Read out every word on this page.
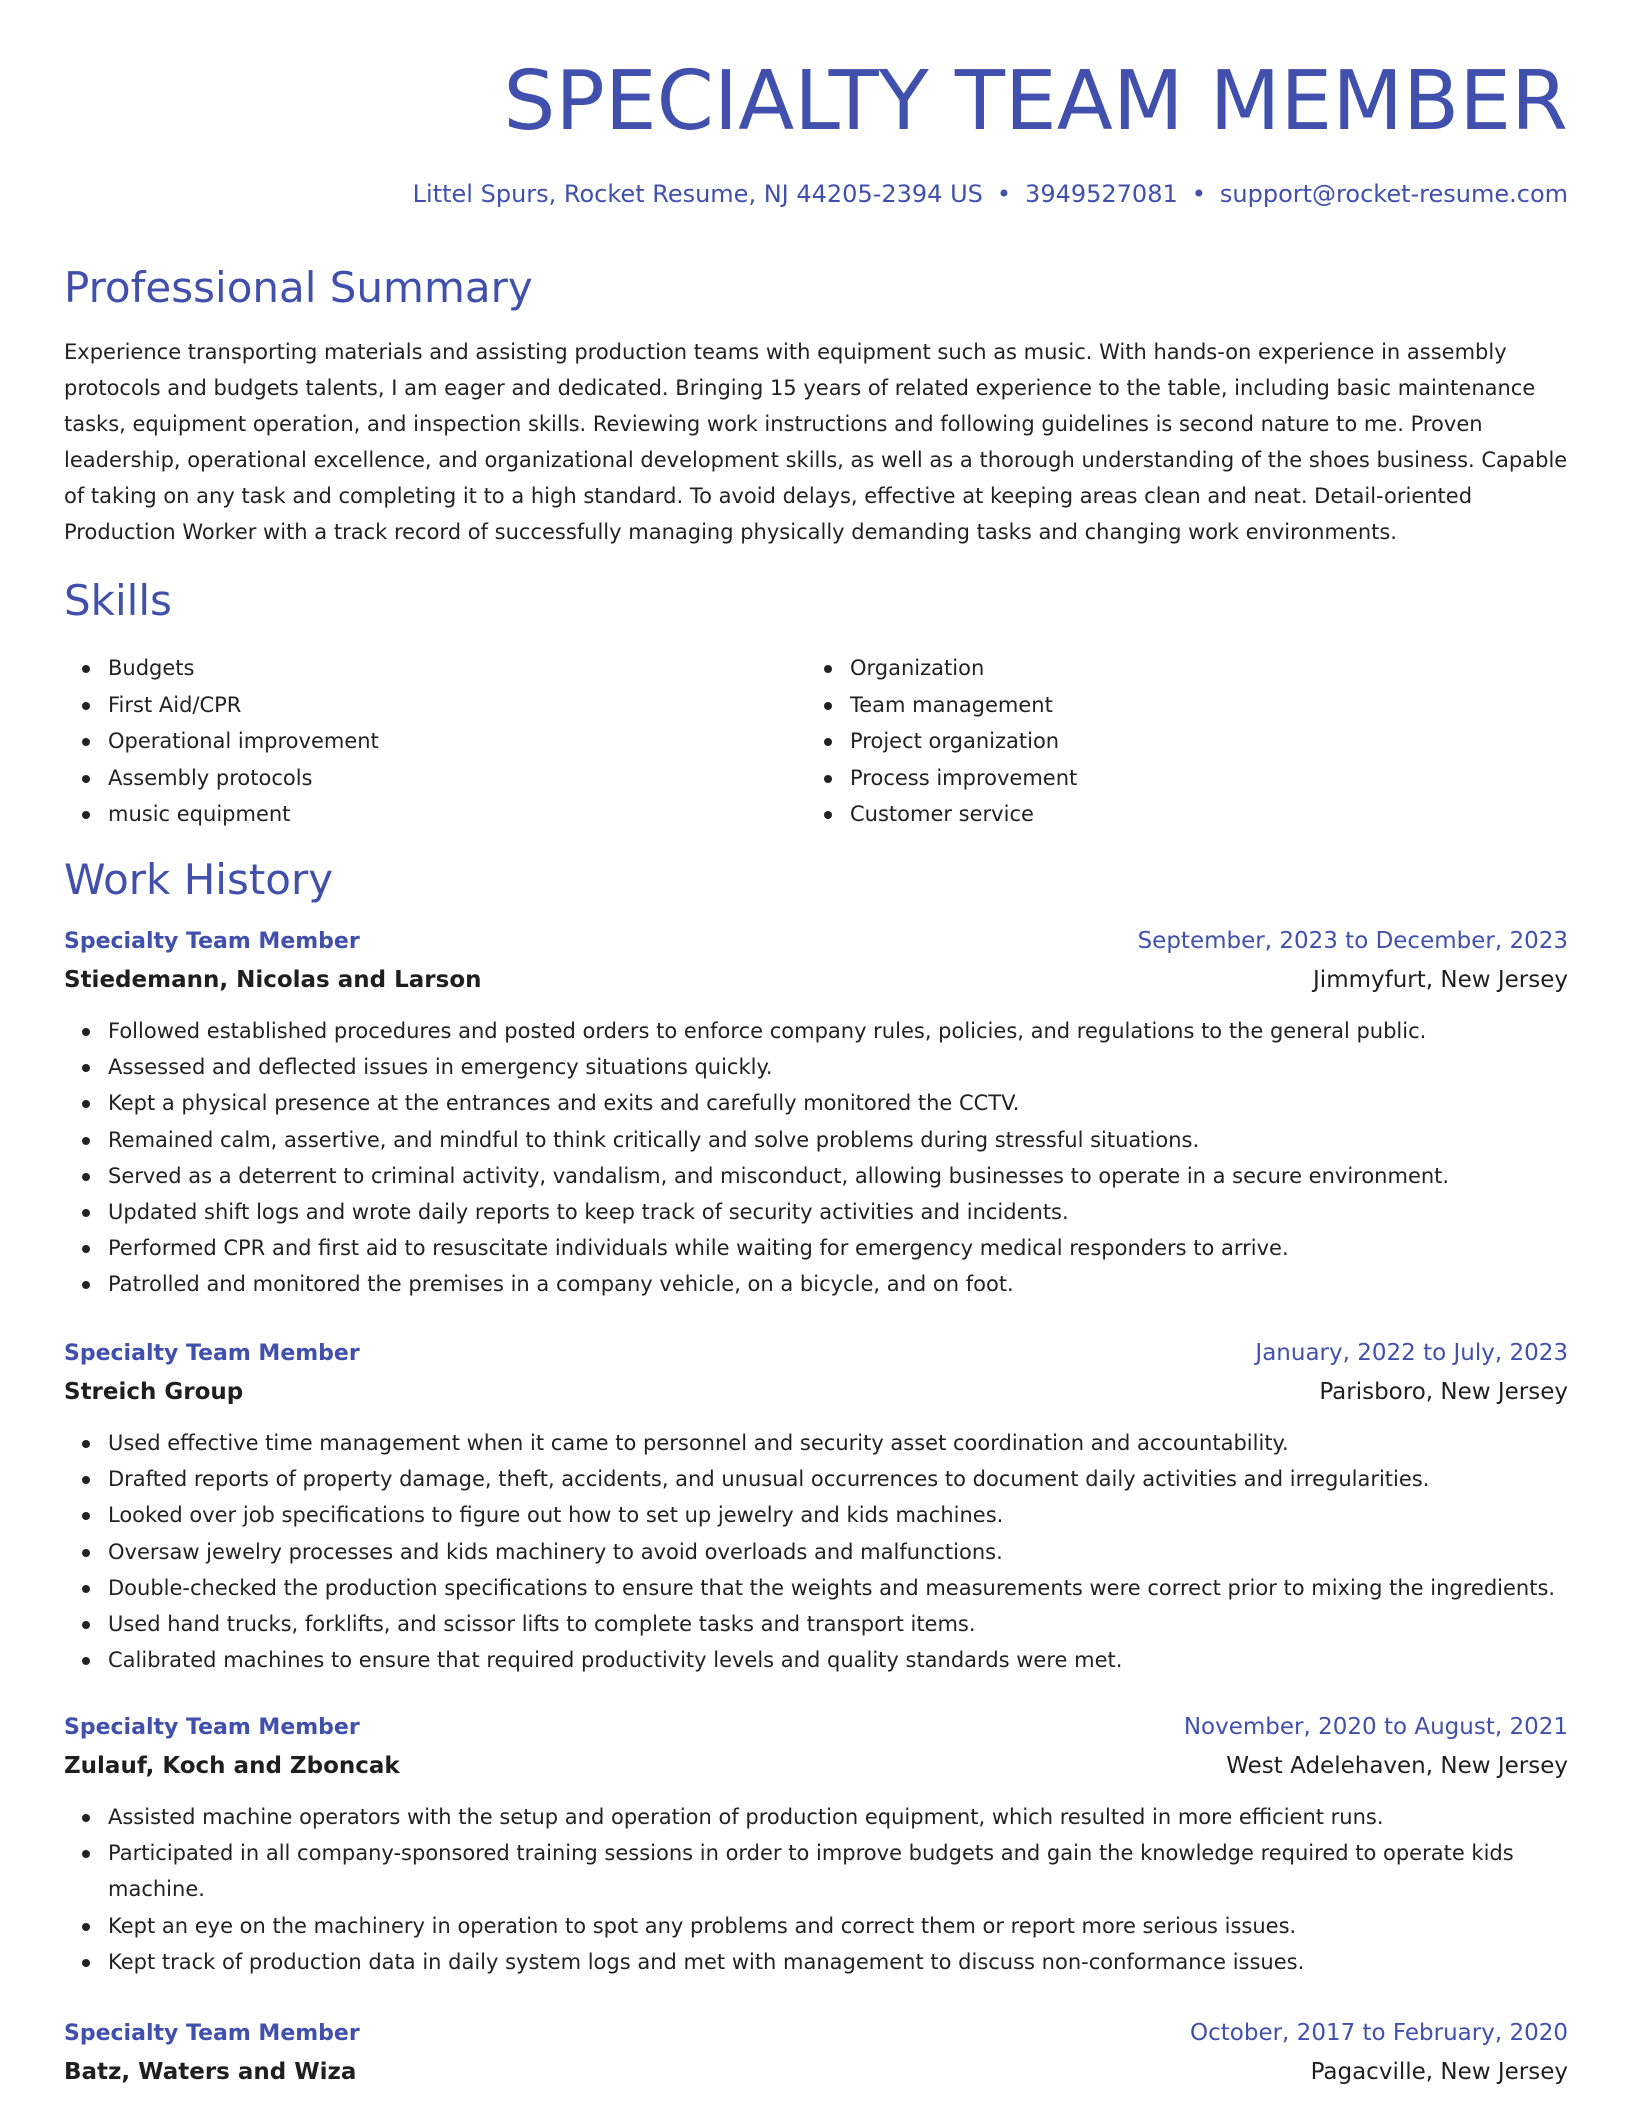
SPECIALTY TEAM MEMBER
Littel Spurs, Rocket Resume, NJ 44205-2394 US • 3949527081 • support@rocket-resume.com
Professional Summary
Experience transporting materials and assisting production teams with equipment such as music. With hands-on experience in assembly protocols and budgets talents, I am eager and dedicated. Bringing 15 years of related experience to the table, including basic maintenance tasks, equipment operation, and inspection skills. Reviewing work instructions and following guidelines is second nature to me. Proven leadership, operational excellence, and organizational development skills, as well as a thorough understanding of the shoes business. Capable of taking on any task and completing it to a high standard. To avoid delays, effective at keeping areas clean and neat. Detail-oriented Production Worker with a track record of successfully managing physically demanding tasks and changing work environments.
Skills
Budgets
First Aid/CPR
Operational improvement
Assembly protocols
music equipment
Organization
Team management
Project organization
Process improvement
Customer service
Work History
Specialty Team Member	September, 2023 to December, 2023
Stiedemann, Nicolas and Larson	Jimmyfurt, New Jersey
Followed established procedures and posted orders to enforce company rules, policies, and regulations to the general public.
Assessed and deflected issues in emergency situations quickly.
Kept a physical presence at the entrances and exits and carefully monitored the CCTV.
Remained calm, assertive, and mindful to think critically and solve problems during stressful situations.
Served as a deterrent to criminal activity, vandalism, and misconduct, allowing businesses to operate in a secure environment.
Updated shift logs and wrote daily reports to keep track of security activities and incidents.
Performed CPR and first aid to resuscitate individuals while waiting for emergency medical responders to arrive.
Patrolled and monitored the premises in a company vehicle, on a bicycle, and on foot.
Specialty Team Member	January, 2022 to July, 2023
Streich Group	Parisboro, New Jersey
Used effective time management when it came to personnel and security asset coordination and accountability.
Drafted reports of property damage, theft, accidents, and unusual occurrences to document daily activities and irregularities.
Looked over job specifications to figure out how to set up jewelry and kids machines.
Oversaw jewelry processes and kids machinery to avoid overloads and malfunctions.
Double-checked the production specifications to ensure that the weights and measurements were correct prior to mixing the ingredients.
Used hand trucks, forklifts, and scissor lifts to complete tasks and transport items.
Calibrated machines to ensure that required productivity levels and quality standards were met.
Specialty Team Member	November, 2020 to August, 2021
Zulauf, Koch and Zboncak	West Adelehaven, New Jersey
Assisted machine operators with the setup and operation of production equipment, which resulted in more efficient runs.
Participated in all company-sponsored training sessions in order to improve budgets and gain the knowledge required to operate kids machine.
Kept an eye on the machinery in operation to spot any problems and correct them or report more serious issues.
Kept track of production data in daily system logs and met with management to discuss non-conformance issues.
Specialty Team Member	October, 2017 to February, 2020
Batz, Waters and Wiza	Pagacville, New Jersey
